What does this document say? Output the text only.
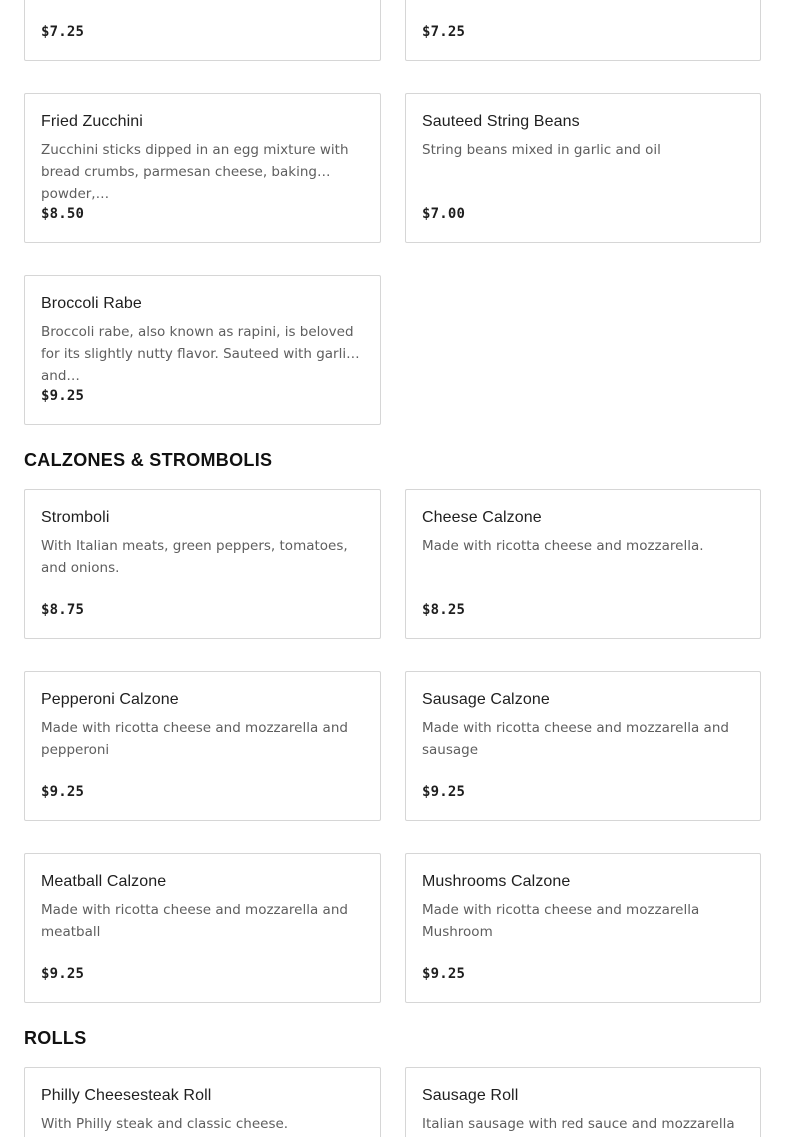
$7.25	$7.25
Fried Zucchini
Zucchini sticks dipped in an egg mixture with bread crumbs, parmesan cheese, baking powder,…
$8.50
Sauteed String Beans
String beans mixed in garlic and oil
$7.00
Broccoli Rabe
Broccoli rabe, also known as rapini, is beloved for its slightly nutty flavor. Sauteed with garlic and…
$9.25
CALZONES & STROMBOLIS
Stromboli
With Italian meats, green peppers, tomatoes, and onions.
$8.75
Cheese Calzone
Made with ricotta cheese and mozzarella.
$8.25
Pepperoni Calzone
Made with ricotta cheese and mozzarella and pepperoni
$9.25
Sausage Calzone
Made with ricotta cheese and mozzarella and sausage
$9.25
Meatball Calzone
Made with ricotta cheese and mozzarella and meatball
$9.25
Mushrooms Calzone
Made with ricotta cheese and mozzarella Mushroom
$9.25
ROLLS
Philly Cheesesteak Roll
With Philly steak and classic cheese.
Sausage Roll
Italian sausage with red sauce and mozzarella
